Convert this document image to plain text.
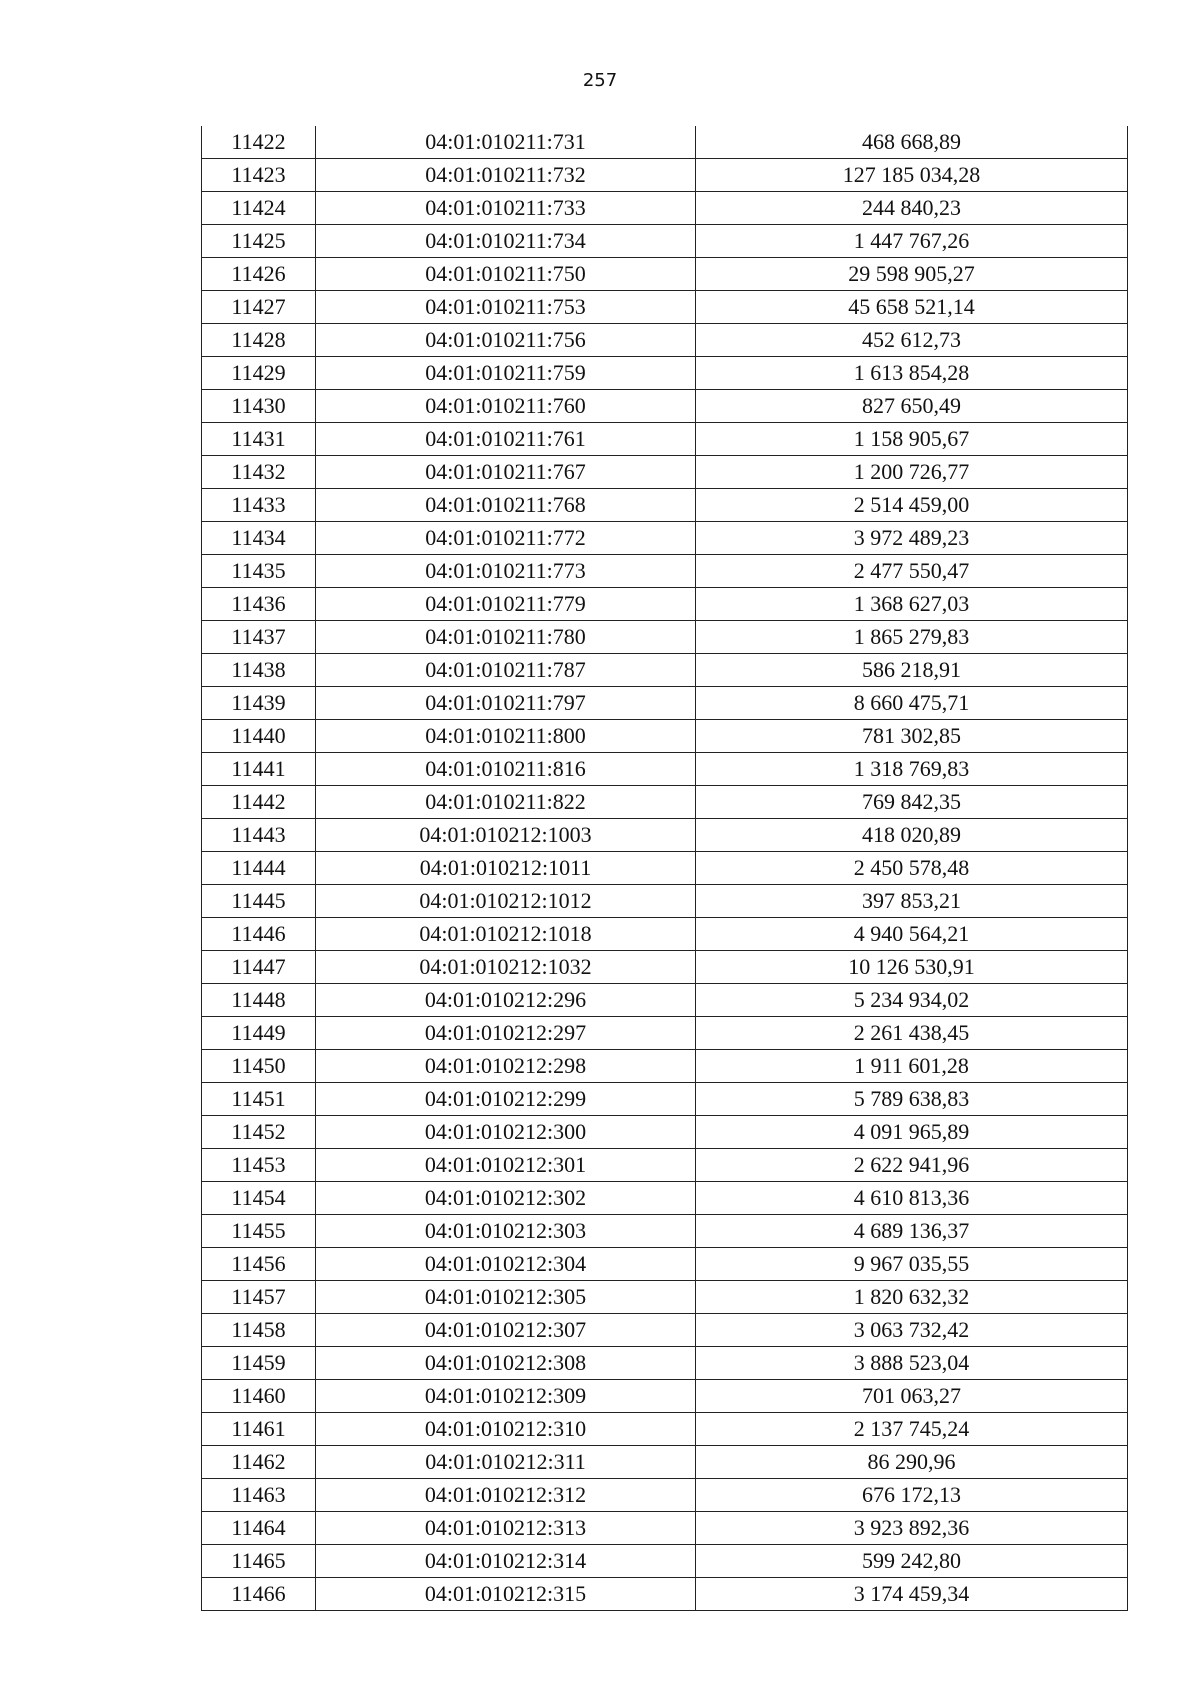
257
11422	04:01:010211:731	468 668,89
11423	04:01:010211:732	127 185 034,28
11424	04:01:010211:733	244 840,23
11425	04:01:010211:734	1 447 767,26
11426	04:01:010211:750	29 598 905,27
11427	04:01:010211:753	45 658 521,14
11428	04:01:010211:756	452 612,73
11429	04:01:010211:759	1 613 854,28
11430	04:01:010211:760	827 650,49
11431	04:01:010211:761	1 158 905,67
11432	04:01:010211:767	1 200 726,77
11433	04:01:010211:768	2 514 459,00
11434	04:01:010211:772	3 972 489,23
11435	04:01:010211:773	2 477 550,47
11436	04:01:010211:779	1 368 627,03
11437	04:01:010211:780	1 865 279,83
11438	04:01:010211:787	586 218,91
11439	04:01:010211:797	8 660 475,71
11440	04:01:010211:800	781 302,85
11441	04:01:010211:816	1 318 769,83
11442	04:01:010211:822	769 842,35
11443	04:01:010212:1003	418 020,89
11444	04:01:010212:1011	2 450 578,48
11445	04:01:010212:1012	397 853,21
11446	04:01:010212:1018	4 940 564,21
11447	04:01:010212:1032	10 126 530,91
11448	04:01:010212:296	5 234 934,02
11449	04:01:010212:297	2 261 438,45
11450	04:01:010212:298	1 911 601,28
11451	04:01:010212:299	5 789 638,83
11452	04:01:010212:300	4 091 965,89
11453	04:01:010212:301	2 622 941,96
11454	04:01:010212:302	4 610 813,36
11455	04:01:010212:303	4 689 136,37
11456	04:01:010212:304	9 967 035,55
11457	04:01:010212:305	1 820 632,32
11458	04:01:010212:307	3 063 732,42
11459	04:01:010212:308	3 888 523,04
11460	04:01:010212:309	701 063,27
11461	04:01:010212:310	2 137 745,24
11462	04:01:010212:311	86 290,96
11463	04:01:010212:312	676 172,13
11464	04:01:010212:313	3 923 892,36
11465	04:01:010212:314	599 242,80
11466	04:01:010212:315	3 174 459,34
